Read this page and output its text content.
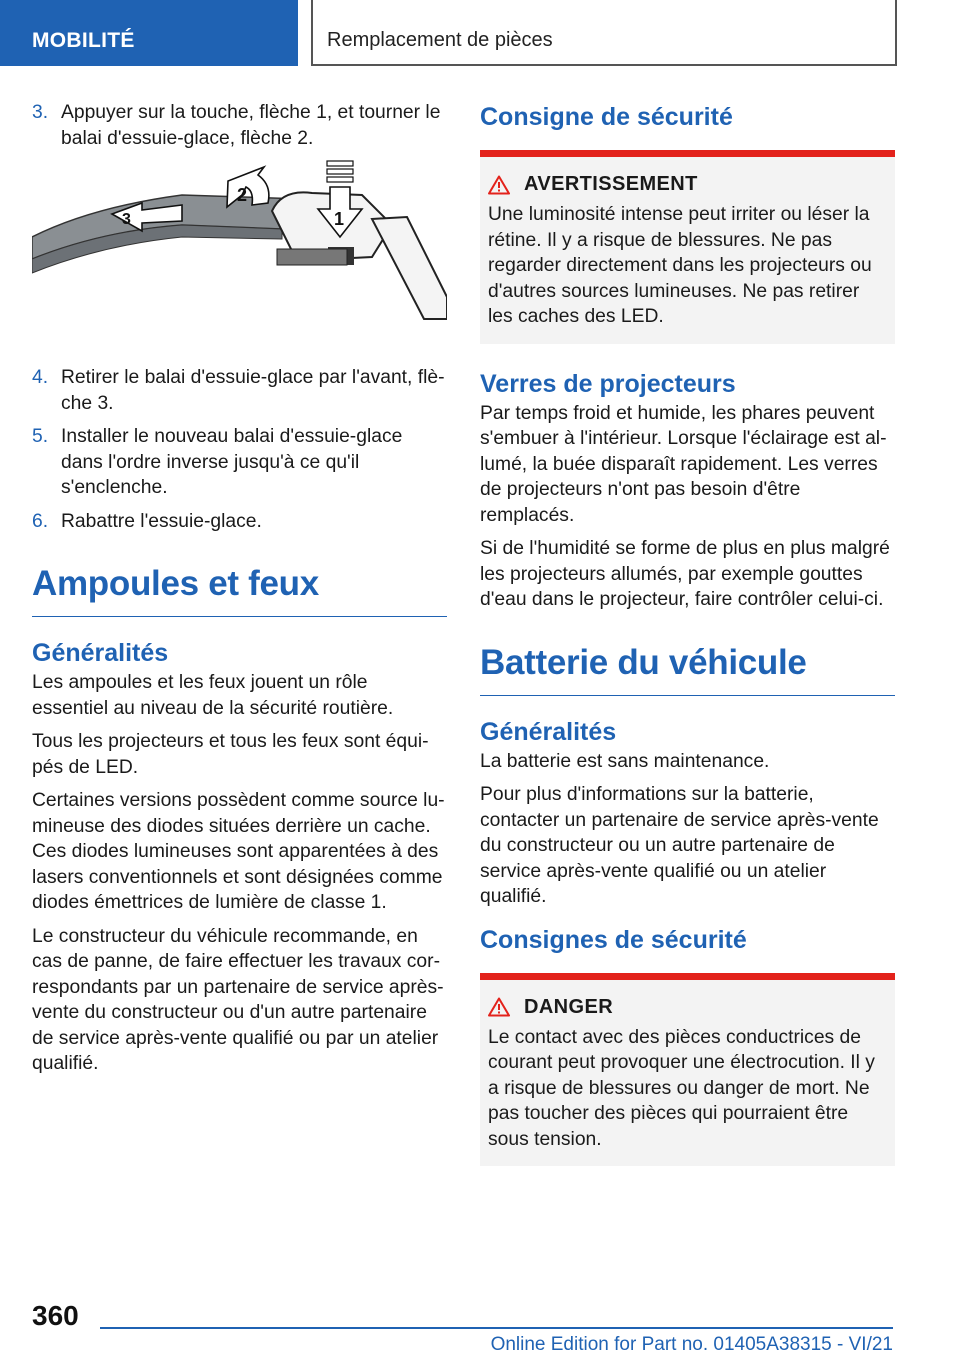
MOBILITÉ	Remplacement de pièces
3. Appuyer sur la touche, flèche 1, et tourner le balai d'essuie-glace, flèche 2.
3
2
1
4. Retirer le balai d'essuie-glace par l'avant, flèche 3.
5. Installer le nouveau balai d'essuie-glace dans l'ordre inverse jusqu'à ce qu'il s'enclenche.
6. Rabattre l'essuie-glace.
Ampoules et feux
Généralités

Les ampoules et les feux jouent un rôle essentiel au niveau de la sécurité routière.

Tous les projecteurs et tous les feux sont équipés de LED.

Certaines versions possèdent comme source lumineuse des diodes situées derrière un cache. Ces diodes lumineuses sont apparentées à des lasers conventionnels et sont désignées comme diodes émettrices de lumière de classe 1.

Le constructeur du véhicule recommande, en cas de panne, de faire effectuer les travaux correspondants par un partenaire de service après-vente du constructeur ou d'un autre partenaire de service après-vente qualifié ou par un atelier qualifié.

Consigne de sécurité
AVERTISSEMENT

Une luminosité intense peut irriter ou léser la rétine. Il y a risque de blessures. Ne pas regarder directement dans les projecteurs ou d'autres sources lumineuses. Ne pas retirer les caches des LED.

Verres de projecteurs

Par temps froid et humide, les phares peuvent s'embuer à l'intérieur. Lorsque l'éclairage est allumé, la buée disparaît rapidement. Les verres de projecteurs n'ont pas besoin d'être remplacés.

Si de l'humidité se forme de plus en plus malgré les projecteurs allumés, par exemple gouttes d'eau dans le projecteur, faire contrôler celui-ci.

Batterie du véhicule
Généralités

La batterie est sans maintenance.

Pour plus d'informations sur la batterie, contacter un partenaire de service après-vente du constructeur ou un autre partenaire de service après-vente qualifié ou un atelier qualifié.

Consignes de sécurité
DANGER

Le contact avec des pièces conductrices de courant peut provoquer une électrocution. Il y a risque de blessures ou danger de mort. Ne pas toucher des pièces qui pourraient être sous tension.

360
Online Edition for Part no. 01405A38315 - VI/21
